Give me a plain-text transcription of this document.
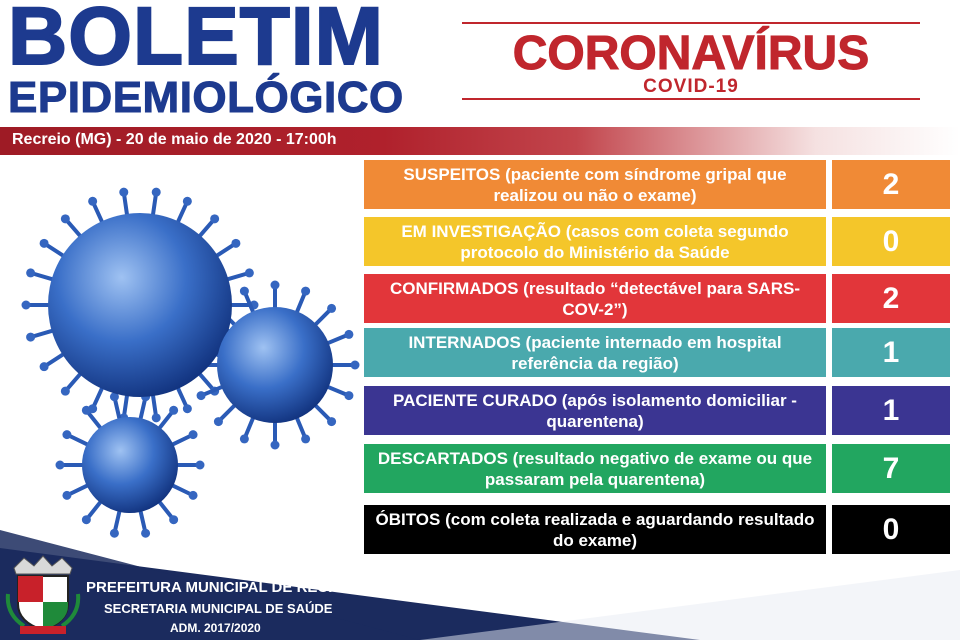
BOLETIM
EPIDEMIOLÓGICO
CORONAVÍRUS
COVID-19
Recreio (MG) - 20 de maio de 2020 - 17:00h
SUSPEITOS (paciente com síndrome gripal que realizou ou não o exame)	2
EM INVESTIGAÇÃO (casos com coleta segundo protocolo do Ministério da Saúde	0
CONFIRMADOS (resultado “detectável para SARS-COV-2”)	2
INTERNADOS (paciente internado em hospital referência da região)	1
PACIENTE CURADO (após isolamento domiciliar - quarentena)	1
DESCARTADOS (resultado negativo de exame ou que passaram pela quarentena)	7
ÓBITOS (com coleta realizada e aguardando resultado do exame)	0
PREFEITURA MUNICIPAL DE RECREIO
SECRETARIA MUNICIPAL DE SAÚDE
ADM. 2017/2020
